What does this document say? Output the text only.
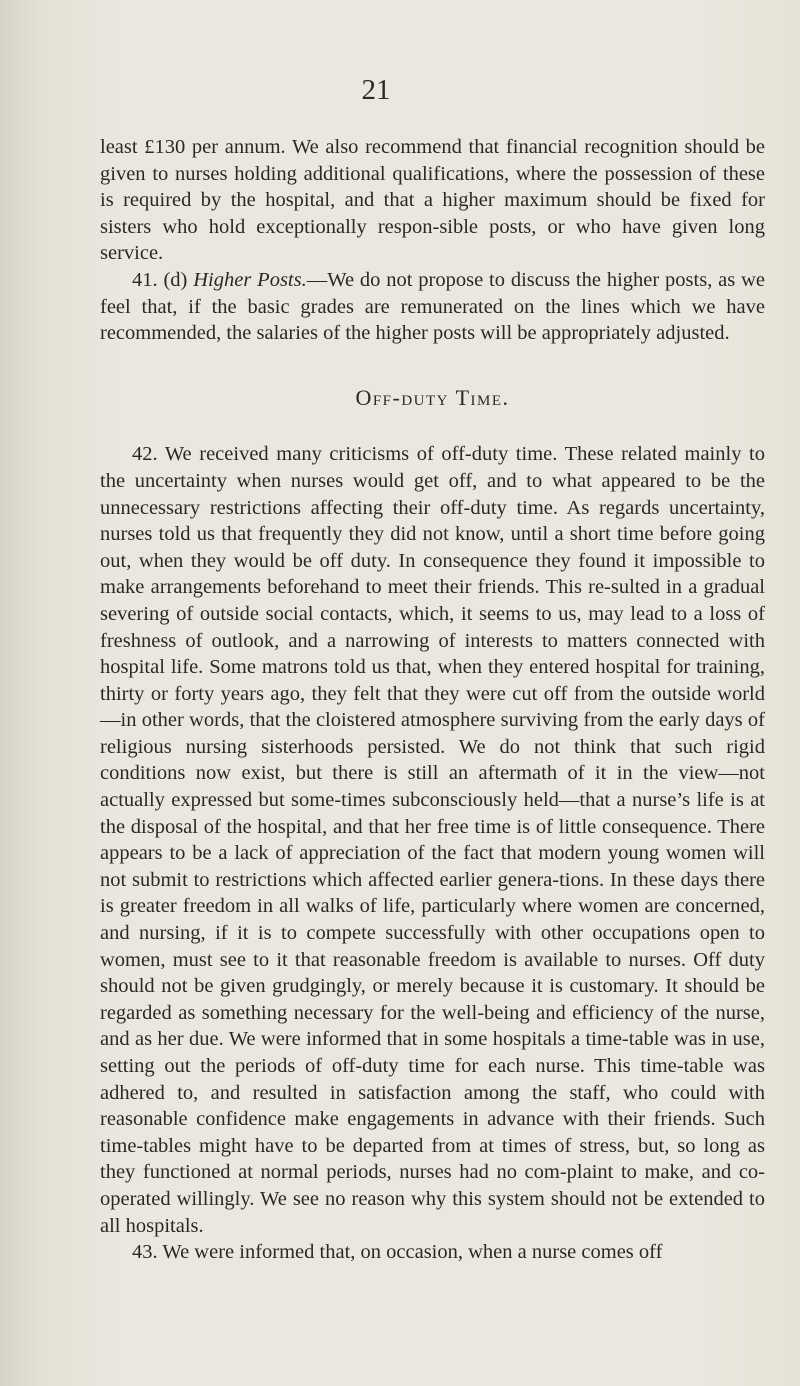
21

least £130 per annum. We also recommend that financial recognition should be given to nurses holding additional qualifications, where the possession of these is required by the hospital, and that a higher maximum should be fixed for sisters who hold exceptionally respon-sible posts, or who have given long service.

41. (d) Higher Posts.—We do not propose to discuss the higher posts, as we feel that, if the basic grades are remunerated on the lines which we have recommended, the salaries of the higher posts will be appropriately adjusted.

Off-duty Time.

42. We received many criticisms of off-duty time. These related mainly to the uncertainty when nurses would get off, and to what appeared to be the unnecessary restrictions affecting their off-duty time. As regards uncertainty, nurses told us that frequently they did not know, until a short time before going out, when they would be off duty. In consequence they found it impossible to make arrangements beforehand to meet their friends. This re-sulted in a gradual severing of outside social contacts, which, it seems to us, may lead to a loss of freshness of outlook, and a narrowing of interests to matters connected with hospital life. Some matrons told us that, when they entered hospital for training, thirty or forty years ago, they felt that they were cut off from the outside world—in other words, that the cloistered atmosphere surviving from the early days of religious nursing sisterhoods persisted. We do not think that such rigid conditions now exist, but there is still an aftermath of it in the view—not actually expressed but some-times subconsciously held—that a nurse’s life is at the disposal of the hospital, and that her free time is of little consequence. There appears to be a lack of appreciation of the fact that modern young women will not submit to restrictions which affected earlier genera-tions. In these days there is greater freedom in all walks of life, particularly where women are concerned, and nursing, if it is to compete successfully with other occupations open to women, must see to it that reasonable freedom is available to nurses. Off duty should not be given grudgingly, or merely because it is customary. It should be regarded as something necessary for the well-being and efficiency of the nurse, and as her due. We were informed that in some hospitals a time-table was in use, setting out the periods of off-duty time for each nurse. This time-table was adhered to, and resulted in satisfaction among the staff, who could with reasonable confidence make engagements in advance with their friends. Such time-tables might have to be departed from at times of stress, but, so long as they functioned at normal periods, nurses had no com-plaint to make, and co-operated willingly. We see no reason why this system should not be extended to all hospitals.

43. We were informed that, on occasion, when a nurse comes off
